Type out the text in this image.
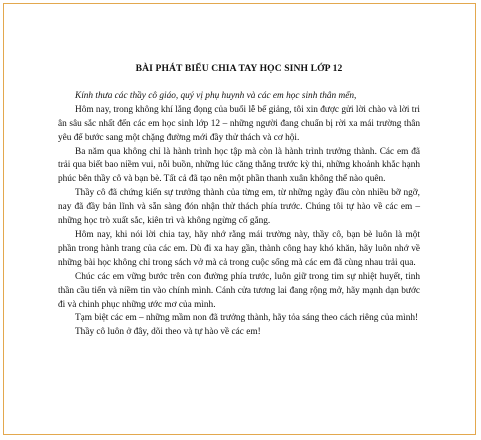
BÀI PHÁT BIỂU CHIA TAY HỌC SINH LỚP 12

Kính thưa các thầy cô giáo, quý vị phụ huynh và các em học sinh thân mến,

Hôm nay, trong không khí lắng đọng của buổi lễ bế giảng, tôi xin được gửi lời chào và lời tri ân sâu sắc nhất đến các em học sinh lớp 12 – những người đang chuẩn bị rời xa mái trường thân yêu để bước sang một chặng đường mới đầy thử thách và cơ hội.

Ba năm qua không chỉ là hành trình học tập mà còn là hành trình trưởng thành. Các em đã trải qua biết bao niềm vui, nỗi buồn, những lúc căng thẳng trước kỳ thi, những khoảnh khắc hạnh phúc bên thầy cô và bạn bè. Tất cả đã tạo nên một phần thanh xuân không thể nào quên.

Thầy cô đã chứng kiến sự trưởng thành của từng em, từ những ngày đầu còn nhiều bỡ ngỡ, nay đã đầy bản lĩnh và sẵn sàng đón nhận thử thách phía trước. Chúng tôi tự hào về các em – những học trò xuất sắc, kiên trì và không ngừng cố gắng.

Hôm nay, khi nói lời chia tay, hãy nhớ rằng mái trường này, thầy cô, bạn bè luôn là một phần trong hành trang của các em. Dù đi xa hay gần, thành công hay khó khăn, hãy luôn nhớ về những bài học không chỉ trong sách vở mà cả trong cuộc sống mà các em đã cùng nhau trải qua.

Chúc các em vững bước trên con đường phía trước, luôn giữ trong tim sự nhiệt huyết, tinh thần cầu tiến và niềm tin vào chính mình. Cánh cửa tương lai đang rộng mở, hãy mạnh dạn bước đi và chinh phục những ước mơ của mình.

Tạm biệt các em – những mầm non đã trưởng thành, hãy tỏa sáng theo cách riêng của mình!

Thầy cô luôn ở đây, dõi theo và tự hào về các em!
